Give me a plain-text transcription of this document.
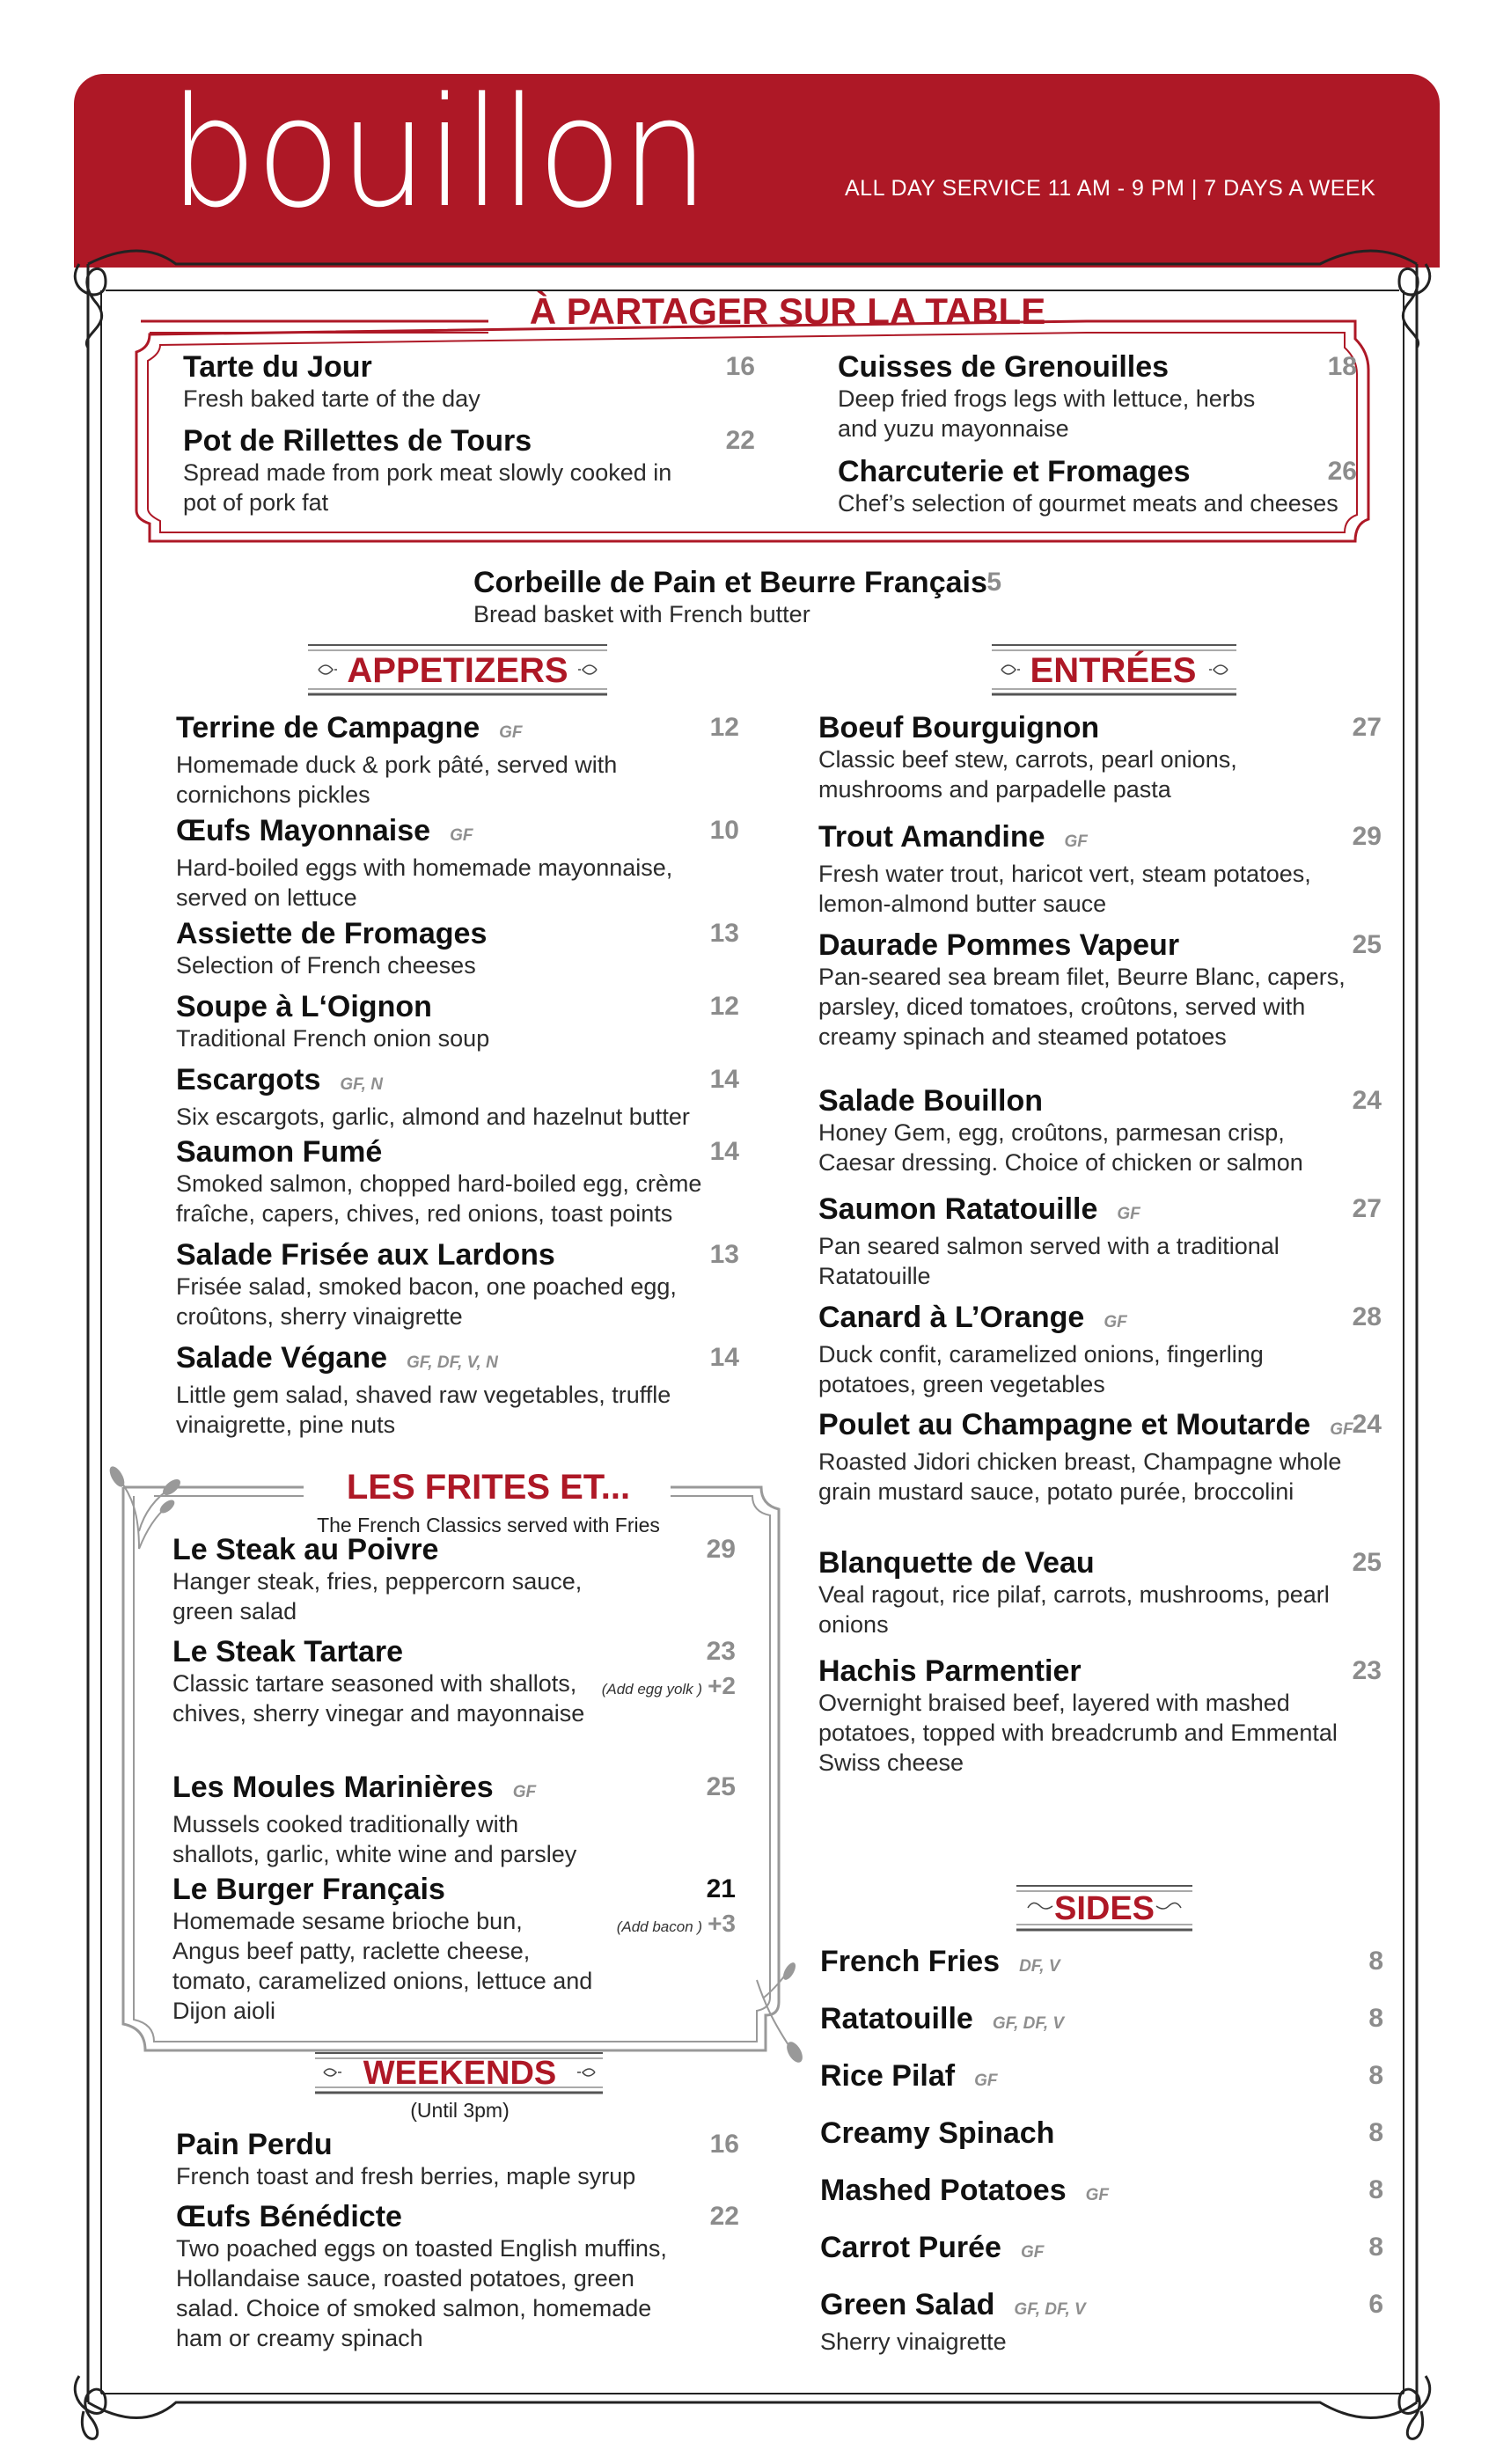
bouillon	ALL DAY SERVICE 11 AM - 9 PM | 7 DAYS A WEEK
À PARTAGER SUR LA TABLE
Tarte du Jour	16
Fresh baked tarte of the day
Pot de Rillettes de Tours	22
Spread made from pork meat slowly cooked in pot of pork fat
Cuisses de Grenouilles	18
Deep fried frogs legs with lettuce, herbs and yuzu mayonnaise
Charcuterie et Fromages	26
Chef’s selection of gourmet meats and cheeses
Corbeille de Pain et Beurre Français 5
Bread basket with French butter
APPETIZERS
Terrine de Campagne GF	12
Homemade duck & pork pâté, served with cornichons pickles
Œufs Mayonnaise GF	10
Hard-boiled eggs with homemade mayonnaise, served on lettuce
Assiette de Fromages	13
Selection of French cheeses
Soupe à L‘Oignon	12
Traditional French onion soup
Escargots GF, N	14
Six escargots, garlic, almond and hazelnut butter
Saumon Fumé	14
Smoked salmon, chopped hard-boiled egg, crème fraîche, capers, chives, red onions, toast points
Salade Frisée aux Lardons	13
Frisée salad, smoked bacon, one poached egg, croûtons, sherry vinaigrette
Salade Végane GF, DF, V, N	14
Little gem salad, shaved raw vegetables, truffle vinaigrette, pine nuts
ENTRÉES
Boeuf Bourguignon	27
Classic beef stew, carrots, pearl onions, mushrooms and parpadelle pasta
Trout Amandine GF	29
Fresh water trout, haricot vert, steam potatoes, lemon-almond butter sauce
Daurade Pommes Vapeur	25
Pan-seared sea bream filet, Beurre Blanc, capers, parsley, diced tomatoes, croûtons, served with creamy spinach and steamed potatoes
Salade Bouillon	24
Honey Gem, egg, croûtons, parmesan crisp, Caesar dressing. Choice of chicken or salmon
Saumon Ratatouille GF	27
Pan seared salmon served with a traditional Ratatouille
Canard à L’Orange GF	28
Duck confit, caramelized onions, fingerling potatoes, green vegetables
Poulet au Champagne et Moutarde GF 24
Roasted Jidori chicken breast, Champagne whole grain mustard sauce, potato purée, broccolini
Blanquette de Veau	25
Veal ragout, rice pilaf, carrots, mushrooms, pearl onions
Hachis Parmentier	23
Overnight braised beef, layered with mashed potatoes, topped with breadcrumb and Emmental Swiss cheese
LES FRITES ET...
The French Classics served with Fries
Le Steak au Poivre	29
Hanger steak, fries, peppercorn sauce, green salad
Le Steak Tartare	23
(Add egg yolk ) +2
Classic tartare seasoned with shallots, chives, sherry vinegar and mayonnaise
Les Moules Marinières GF	25
Mussels cooked traditionally with shallots, garlic, white wine and parsley
Le Burger Français	21
(Add bacon ) +3
Homemade sesame brioche bun, Angus beef patty, raclette cheese, tomato, caramelized onions, lettuce and Dijon aioli
WEEKENDS
(Until 3pm)
Pain Perdu	16
French toast and fresh berries, maple syrup
Œufs Bénédicte	22
Two poached eggs on toasted English muffins, Hollandaise sauce, roasted potatoes, green salad. Choice of smoked salmon, homemade ham or creamy spinach
SIDES
French Fries DF, V	8
Ratatouille GF, DF, V	8
Rice Pilaf GF	8
Creamy Spinach	8
Mashed Potatoes GF	8
Carrot Purée GF	8
Green Salad GF, DF, V	6
Sherry vinaigrette
